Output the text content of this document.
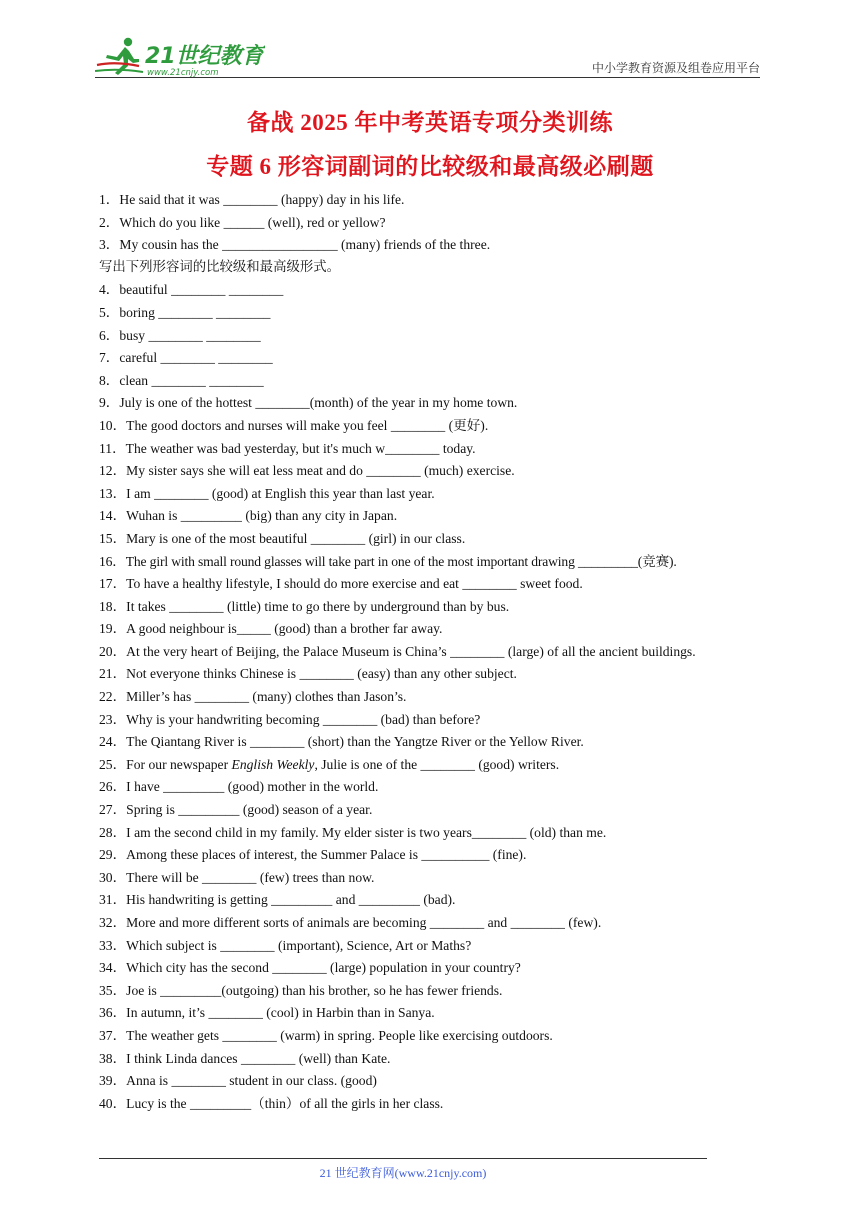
21世纪教育
www.21cnjy.com	中小学教育资源及组卷应用平台
备战 2025 年中考英语专项分类训练
专题 6 形容词副词的比较级和最高级必刷题
1．He said that it was ________ (happy) day in his life.
2．Which do you like ______ (well), red or yellow?
3．My cousin has the _________________ (many) friends of the three.
写出下列形容词的比较级和最高级形式。
4．beautiful ________ ________
5．boring ________ ________
6．busy ________ ________
7．careful ________ ________
8．clean ________ ________
9．July is one of the hottest ________(month) of the year in my home town.
10．The good doctors and nurses will make you feel ________ (更好).
11．The weather was bad yesterday, but it's much w________ today.
12．My sister says she will eat less meat and do ________ (much) exercise.
13．I am ________ (good) at English this year than last year.
14．Wuhan is _________ (big) than any city in Japan.
15．Mary is one of the most beautiful ________ (girl) in our class.
16．The girl with small round glasses will take part in one of the most important drawing _________(竞赛).
17．To have a healthy lifestyle, I should do more exercise and eat ________ sweet food.
18．It takes ________ (little) time to go there by underground than by bus.
19．A good neighbour is_____ (good) than a brother far away.
20．At the very heart of Beijing, the Palace Museum is China’s ________ (large) of all the ancient buildings.
21．Not everyone thinks Chinese is ________ (easy) than any other subject.
22．Miller’s has ________ (many) clothes than Jason’s.
23．Why is your handwriting becoming ________ (bad) than before?
24．The Qiantang River is ________ (short) than the Yangtze River or the Yellow River.
25．For our newspaper English Weekly, Julie is one of the ________ (good) writers.
26．I have _________ (good) mother in the world.
27．Spring is _________ (good) season of a year.
28．I am the second child in my family. My elder sister is two years________ (old) than me.
29．Among these places of interest, the Summer Palace is __________ (fine).
30．There will be ________ (few) trees than now.
31．His handwriting is getting _________ and _________ (bad).
32．More and more different sorts of animals are becoming ________ and ________ (few).
33．Which subject is ________ (important), Science, Art or Maths?
34．Which city has the second ________ (large) population in your country?
35．Joe is _________(outgoing) than his brother, so he has fewer friends.
36．In autumn, it’s ________ (cool) in Harbin than in Sanya.
37．The weather gets ________ (warm) in spring. People like exercising outdoors.
38．I think Linda dances ________ (well) than Kate.
39．Anna is ________ student in our class. (good)
40．Lucy is the _________（thin）of all the girls in her class.
21 世纪教育网(www.21cnjy.com)
